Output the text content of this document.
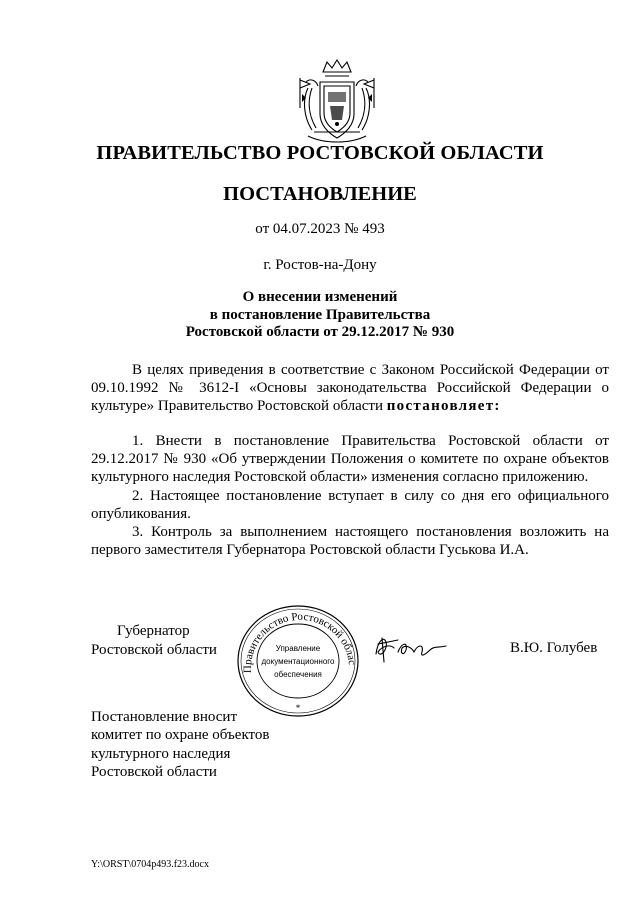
ПРАВИТЕЛЬСТВО РОСТОВСКОЙ ОБЛАСТИ
ПОСТАНОВЛЕНИЕ
от 04.07.2023 № 493
г. Ростов-на-Дону
О внесении изменений
в постановление Правительства
Ростовской области от 29.12.2017 № 930

В целях приведения в соответствие с Законом Российской Федерации от 09.10.1992 № 3612-I «Основы законодательства Российской Федерации о культуре» Правительство Ростовской области постановляет:

1. Внести в постановление Правительства Ростовской области от 29.12.2017 № 930 «Об утверждении Положения о комитете по охране объектов культурного наследия Ростовской области» изменения согласно приложению.

2. Настоящее постановление вступает в силу со дня его официального опубликования.

3. Контроль за выполнением настоящего постановления возложить на первого заместителя Губернатора Ростовской области Гуськова И.А.

Губернатор
Ростовской области
Правительство Ростовской облас
Управление
документационного
обеспечения
*
В.Ю. Голубев
Постановление вносит
комитет по охране объектов
культурного наследия
Ростовской области
Y:\ORST\0704p493.f23.docx
